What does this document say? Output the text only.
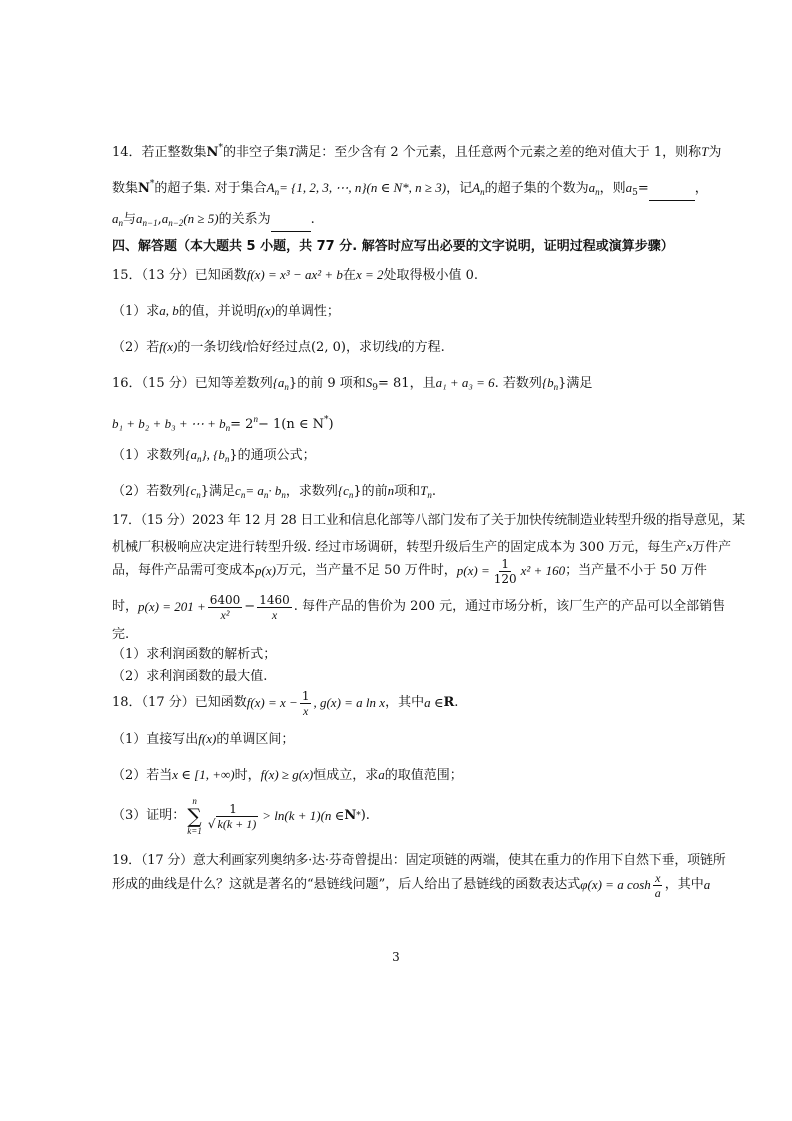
14．若正整数集N*的非空子集T满足：至少含有 2 个元素，且任意两个元素之差的绝对值大于 1，则称T为
数集N*的超子集. 对于集合$A_n= \{1$, 2, 3, ⋯, n}(n ∈ N*, n ≥ 3)，记$A_n$的超子集的个数为$a_n$，则$a_5=$	，
$a_n$与$a_{n-1},a_{n-2}(n \ge 5)$的关系为	.
四、解答题（本大题共 5 小题，共 77 分. 解答时应写出必要的文字说明，证明过程或演算步骤）
15．（13 分）已知函数f(x) = x³ − ax² + b在x = 2处取得极小值 0.
（1）求a, b的值，并说明f(x)的单调性；
（2）若f(x)的一条切线l恰好经过点(2, 0)，求切线l的方程.
16．（15 分）已知等差数列$\{a_n\}$的前 9 项和$S_9= 81$，且a₁ + a₃ = 6. 若数列$\{b_n\}$满足
b₁ + b₂ + b₃ + ⋯ + $b_n= 2^n- 1(n$ ∈ N*)
（1）求数列$\{a_n\}$, $\{b_n\}$的通项公式；
（2）若数列$\{c_n\}$满足$c_n= a_n\cdot b_n$，求数列$\{c_n\}$的前n项和$T_n$.
17．（15 分）2023 年 12 月 28 日工业和信息化部等八部门发布了关于加快传统制造业转型升级的指导意见，某
机械厂积极响应决定进行转型升级. 经过市场调研，转型升级后生产的固定成本为 300 万元，每生产x万件产
品，每件产品需可变成本 p(x) 万元，当产量不足 50 万件时， $p(x) = \frac{1}{120} x^2 + 160$ ；当产量不小于 50 万件
时， $p(x) = 201 + \frac{6400}{\text{x²}} - \frac{1460}{x}$ . 每件产品的售价为 200 元，通过市场分析，该厂生产的产品可以全部销售
完.
（1）求利润函数的解析式；
（2）求利润函数的最大值.
18．（17 分）已知函数 $f(x) = x - \frac{1}{x}$ , g(x) = a ln x ，其中 a ∈ R .
（1）直接写出f(x)的单调区间；
（2）若当x ∈ [1, +∞)时，f(x) ≥ g(x)恒成立，求a的取值范围；
（3）证明：
n
∑
k=1
$\frac{1}{√ k(k + 1)} > \ln(k + 1)(n$ ∈ N * ).
19．（17 分）意大利画家列奥纳多·达·芬奇曾提出：固定项链的两端，使其在重力的作用下自然下垂，项链所
形成的曲线是什么？这就是著名的“悬链线问题”，后人给出了悬链线的函数表达式 φ(x) = a $\cosh \frac{x}{a}$ ，其中 a
3
